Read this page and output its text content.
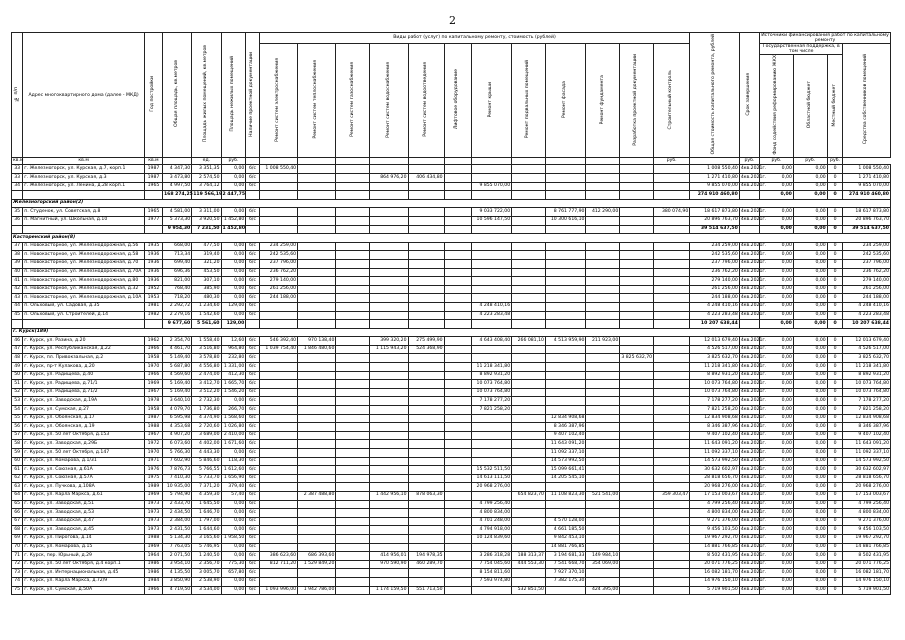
2
№ п/п	Адрес многоквартирного дома (далее - МКД)	Год постройки	Общая площадь, кв.метров	Площадь жилых помещений, кв.метров	Площадь нежилых помещений	Наличие проектной документации	Виды работ (услуг) по капитальному ремонту, стоимость (рублей)												Общая стоимость капитального ремонта, рублей	Срок завершения	Источники финансирования работ по капитальному ремонту			
							Ремонт систем электроснабжения	Ремонт систем теплоснабжения	Ремонт систем газоснабжения	Ремонт систем водоснабжения	Ремонт систем водоотведения	Лифтовое оборудование	Ремонт крыши	Ремонт подвальных помещений	Ремонт фасада	Ремонт фундамента	Разработка проектной документации	Строительный контроль			Государственная поддержка, в том числе			Средства собственников помещений
																					Фонд содействия реформированию ЖКХ	Областной бюджет	Местный бюджет	
кв.м	кв.м	кв.м		ед.	руб.													руб.		руб.	руб.	руб.	руб.	
33	г. Железногорск, ул. Курская, д.7, корп.1	1987	4 347,30	3 351,35	0,00	б/с	1 008 550,40												1 008 550,40	4кв.2021г.	0,00	0,00	0	1 008 550,40
33	г. Железногорск, ул. Курская, д.3	1987	3 473,80	2 574,50	0,00	б/с				864 976,20	406 434,80								1 271 410,80	4кв.2021г.	0,00	0,00	0	1 271 410,80
34	г. Железногорск, ул. Ленина, д.28 корп.1	1965	4 997,50	3 764,12	0,00	б/с							9 855 070,00						9 855 070,00	4кв.2021г.	0,00	0,00	0	9 855 070,00
			168 274,25	119 566,19	2 447,75														274 910 460,80		0,00	0,00	0	274 910 460,80
Железногорский район(2)																								
35	п. Студенок, ул. Советская, д.8	1965	4 581,00	3 311,00	0,00	б/с							9 033 722,00		8 761 777,90	412 290,00		380 074,90	18 617 873,80	4кв.2021г.	0,00	0,00	0	18 617 873,80
36	п. Магнитный, ул. Школьная, д.10	1977	5 373,30	3 920,50	1 452,80	б/с							10 596 147,50		10 300 616,10				20 896 763,70	4кв.2021г.	0,00	0,00	0	20 896 763,70
			9 954,30	7 231,50	1 452,80														39 514 637,50		0,00	0,00	0	39 514 637,50
Касторенский район(8)																								
37	п. Новокасторное, ул. Железнодорожная, д.56	1935	668,00	477,50	0,00	б/с	234 259,00												234 259,00	4кв.2021г.	0,00	0,00	0	234 259,00
38	п. Новокасторное, ул. Железнодорожная, д.58	1936	713,34	319,40	0,00	б/с	242 535,60												242 535,60	4кв.2021г.	0,00	0,00	0	242 535,60
39	п. Новокасторное, ул. Железнодорожная, д.70	1936	699,40	321,20	0,00	б/с	237 796,00												237 796,00	4кв.2021г.	0,00	0,00	0	237 796,00
40	п. Новокасторное, ул. Железнодорожная, д.70А	1936	696,36	453,50	0,00	б/с	236 762,20												236 762,20	4кв.2021г.	0,00	0,00	0	236 762,20
41	п. Новокасторное, ул. Железнодорожная, д.80	1936	821,00	307,10	0,00	б/с	279 140,00												279 140,00	4кв.2021г.	0,00	0,00	0	279 140,00
42	п. Новокасторное, ул. Железнодорожная, д.32	1952	768,40	385,90	0,00	б/с	261 256,00												261 256,00	4кв.2021г.	0,00	0,00	0	261 256,00
43	п. Новокасторное, ул. Железнодорожная, д.10А	1953	718,20	480,30	0,00	б/с	244 188,00												244 188,00	4кв.2021г.	0,00	0,00	0	244 188,00
44	п. Ольховый, ул. Садовая, д.35	1981	2 292,72	1 234,60	129,00	б/с							4 248 410,16						4 248 410,16	4кв.2021г.	0,00	0,00	0	4 248 410,16
45	п. Ольховый, ул. Строителей, д.14	1982	2 279,16	1 542,60	0,00	б/с							4 223 283,48						4 223 283,48	4кв.2021г.	0,00	0,00	0	4 223 283,48
			9 677,60	5 561,60	129,00														10 207 638,44		0,00	0,00	0	10 207 638,44
г. Курск(189)																								
46	г. Курск, ул. Разина, д.20	1962	2 354,70	1 558,40	12,60	б/с	546 392,40	970 138,40		399 320,20	275 499,90		4 643 408,40	266 081,10	4 513 959,90	211 923,00			12 013 679,40	4кв.2021г.	0,00	0,00	0	12 013 679,40
47	г. Курск, ул. Республиканская, д.22	1966	4 461,70	3 516,80	964,80	б/с	1 039 754,40	1 846 480,60		1 115 943,20	524 368,90								4 526 517,00	4кв.2021г.	0,00	0,00	0	4 526 517,00
48	г. Курск, пл. Привокзальная, д.2	1958	5 149,40	3 578,80	232,80	б/с											3 825 632,70		3 825 632,70	4кв.2021г.	0,00	0,00	0	3 825 632,70
49	г. Курск, пр-т Кулакова, д.20	1970	5 687,80	4 556,80	1 331,00	б/с							11 218 341,80						11 218 341,80	4кв.2021г.	0,00	0,00	0	11 218 341,80
50	г. Курск, ул. Радищева, д.40	1966	4 569,60	2 474,00	412,30	б/с							8 892 931,20						8 892 931,20	4кв.2021г.	0,00	0,00	0	8 892 931,20
51	г. Курск, ул. Радищева, д.71/1	1969	5 169,40	3 412,70	1 665,70	б/с							10 073 764,80						10 073 764,80	4кв.2021г.	0,00	0,00	0	10 073 764,80
52	г. Курск, ул. Радищева, д.71/2	1967	5 169,40	3 512,20	1 546,20	б/с							10 073 764,80						10 073 764,80	4кв.2021г.	0,00	0,00	0	10 073 764,80
53	г. Курск, ул. Заводская, д.19А	1978	3 640,10	2 732,30	0,00	б/с							7 178 277,20						7 178 277,20	4кв.2021г.	0,00	0,00	0	7 178 277,20
54	г. Курск, ул. Сумская, д.27	1958	4 079,70	1 736,80	266,70	б/с							7 821 258,20						7 821 258,20	4кв.2021г.	0,00	0,00	0	7 821 258,20
55	г. Курск, ул. Обоянская, д.17	1987	6 595,98	4 374,90	1 568,60	б/с									12 834 908,68				12 834 908,68	4кв.2021г.	0,00	0,00	0	12 834 908,68
56	г. Курск, ул. Обоянская, д.19	1988	4 353,68	2 720,60	1 026,80	б/с									8 346 387,96				8 346 387,96	4кв.2021г.	0,00	0,00	0	8 346 387,96
57	г. Курск, ул. 50 лет Октября, д.153	1967	4 907,20	3 689,00	2 410,00	б/с									9 407 102,40				9 407 102,40	4кв.2021г.	0,00	0,00	0	9 407 102,40
58	г. Курск, ул. Заводская, д.29Б	1972	6 073,60	4 402,00	1 671,60	б/с									11 643 091,20				11 643 091,20	4кв.2021г.	0,00	0,00	0	11 643 091,20
59	г. Курск, ул. 50 лет Октября, д.147	1970	5 766,30	4 443,30	0,00	б/с									11 092 337,10				11 092 337,10	4кв.2021г.	0,00	0,00	0	11 092 337,10
60	г. Курск, ул. Комарова, д.1/31	1971	7 602,90	5 846,60	118,30	б/с									14 573 992,50				14 573 992,50	4кв.2021г.	0,00	0,00	0	14 573 992,50
61	г. Курск, ул. Союзная, д.61А	1976	7 876,73	5 766,55	1 612,60	б/с							15 532 511,50		15 099 661,41				30 632 602,97	4кв.2021г.	0,00	0,00	0	30 632 602,97
62	г. Курск, ул. Союзная, д.57А	1975	7 410,30	5 733,70	1 656,90	б/с							14 613 111,50		14 205 545,10				28 818 656,70	4кв.2021г.	0,00	0,00	0	28 818 656,70
63	г. Курск, ул. Пучкова, д.108А	1989	10 935,00	7 371,20	379,40	б/с							20 968 276,00						20 968 276,00	4кв.2021г.	0,00	0,00	0	20 968 276,00
64	г. Курск, ул. Карла Маркса, д.61	1969	5 794,90	4 359,30	57,40	б/с		2 387 488,80		1 442 956,10	878 063,30			654 823,70	11 108 823,30	521 541,00		359 303,47	17 153 003,67	4кв.2021г.	0,00	0,00	0	17 153 003,67
65	г. Курск, ул. Заводская, д.51	1973	2 433,70	1 645,50	0,00	б/с							4 799 256,40						4 799 256,40	4кв.2021г.	0,00	0,00	0	4 799 256,40
66	г. Курск, ул. Заводская, д.53	1973	2 434,50	1 646,70	0,00	б/с							4 800 834,00						4 800 834,00	4кв.2021г.	0,00	0,00	0	4 800 834,00
67	г. Курск, ул. Заводская, д.47	1973	2 384,00	1 797,00	0,00	б/с							4 701 248,00		4 570 128,00				9 271 376,00	4кв.2021г.	0,00	0,00	0	9 271 376,00
68	г. Курск, ул. Заводская, д.45	1973	2 431,50	1 644,60	0,00	б/с							4 794 918,00		4 661 185,50				9 456 103,50	4кв.2021г.	0,00	0,00	0	9 456 103,50
69	г. Курск, ул. Пирогова, д.14	1988	5 134,30	3 165,60	1 958,50	б/с							10 124 839,60		9 842 453,10				19 967 292,70	4кв.2021г.	0,00	0,00	0	19 967 292,70
70	г. Курск, ул. Комарова, д.15	1969	7 763,05	5 746,95	0,00	б/с									14 881 766,85				14 881 766,85	4кв.2021г.	0,00	0,00	0	14 881 766,85
71	г. Курск, пер. Юрьный, д.29	1964	2 071,50	1 240,50	0,00	б/с	386 623,60	686 393,60		414 956,01	194 978,35		3 286 318,28	188 313,37	3 194 681,33	149 984,10			8 502 431,95	4кв.2021г.	0,00	0,00	0	8 502 431,95
72	г. Курск, ул. 50 лет Октября, д.4 корп.1	1986	3 954,10	2 356,70	775,30	б/с	812 711,20	1 529 849,20		970 590,90	460 289,70		7 754 045,60	444 553,30	7 541 668,70	354 069,00			20 071 776,25	4кв.2021г.	0,00	0,00	0	20 071 776,25
73	г. Курск, ул. Интернациональная, д.45	1986	4 135,50	3 005,70	657,80	б/с							8 154 811,60		7 927 370,10				16 082 181,70	4кв.2021г.	0,00	0,00	0	16 082 181,70
74	г. Курск, ул. Карла Маркса, д.72/9	1984	3 850,90	2 538,90	0,00	б/с							7 593 974,80		7 382 175,30				14 976 150,10	4кв.2021г.	0,00	0,00	0	14 976 150,10
75	г. Курск, ул. Сумская, д.50А	1966	4 719,50	3 534,00	0,00	б/с	1 093 996,00	1 942 786,00		1 174 159,50	551 713,50			532 851,50		424 395,00			5 719 901,50	4кв.2021г.	0,00	0,00	0	5 719 901,50
